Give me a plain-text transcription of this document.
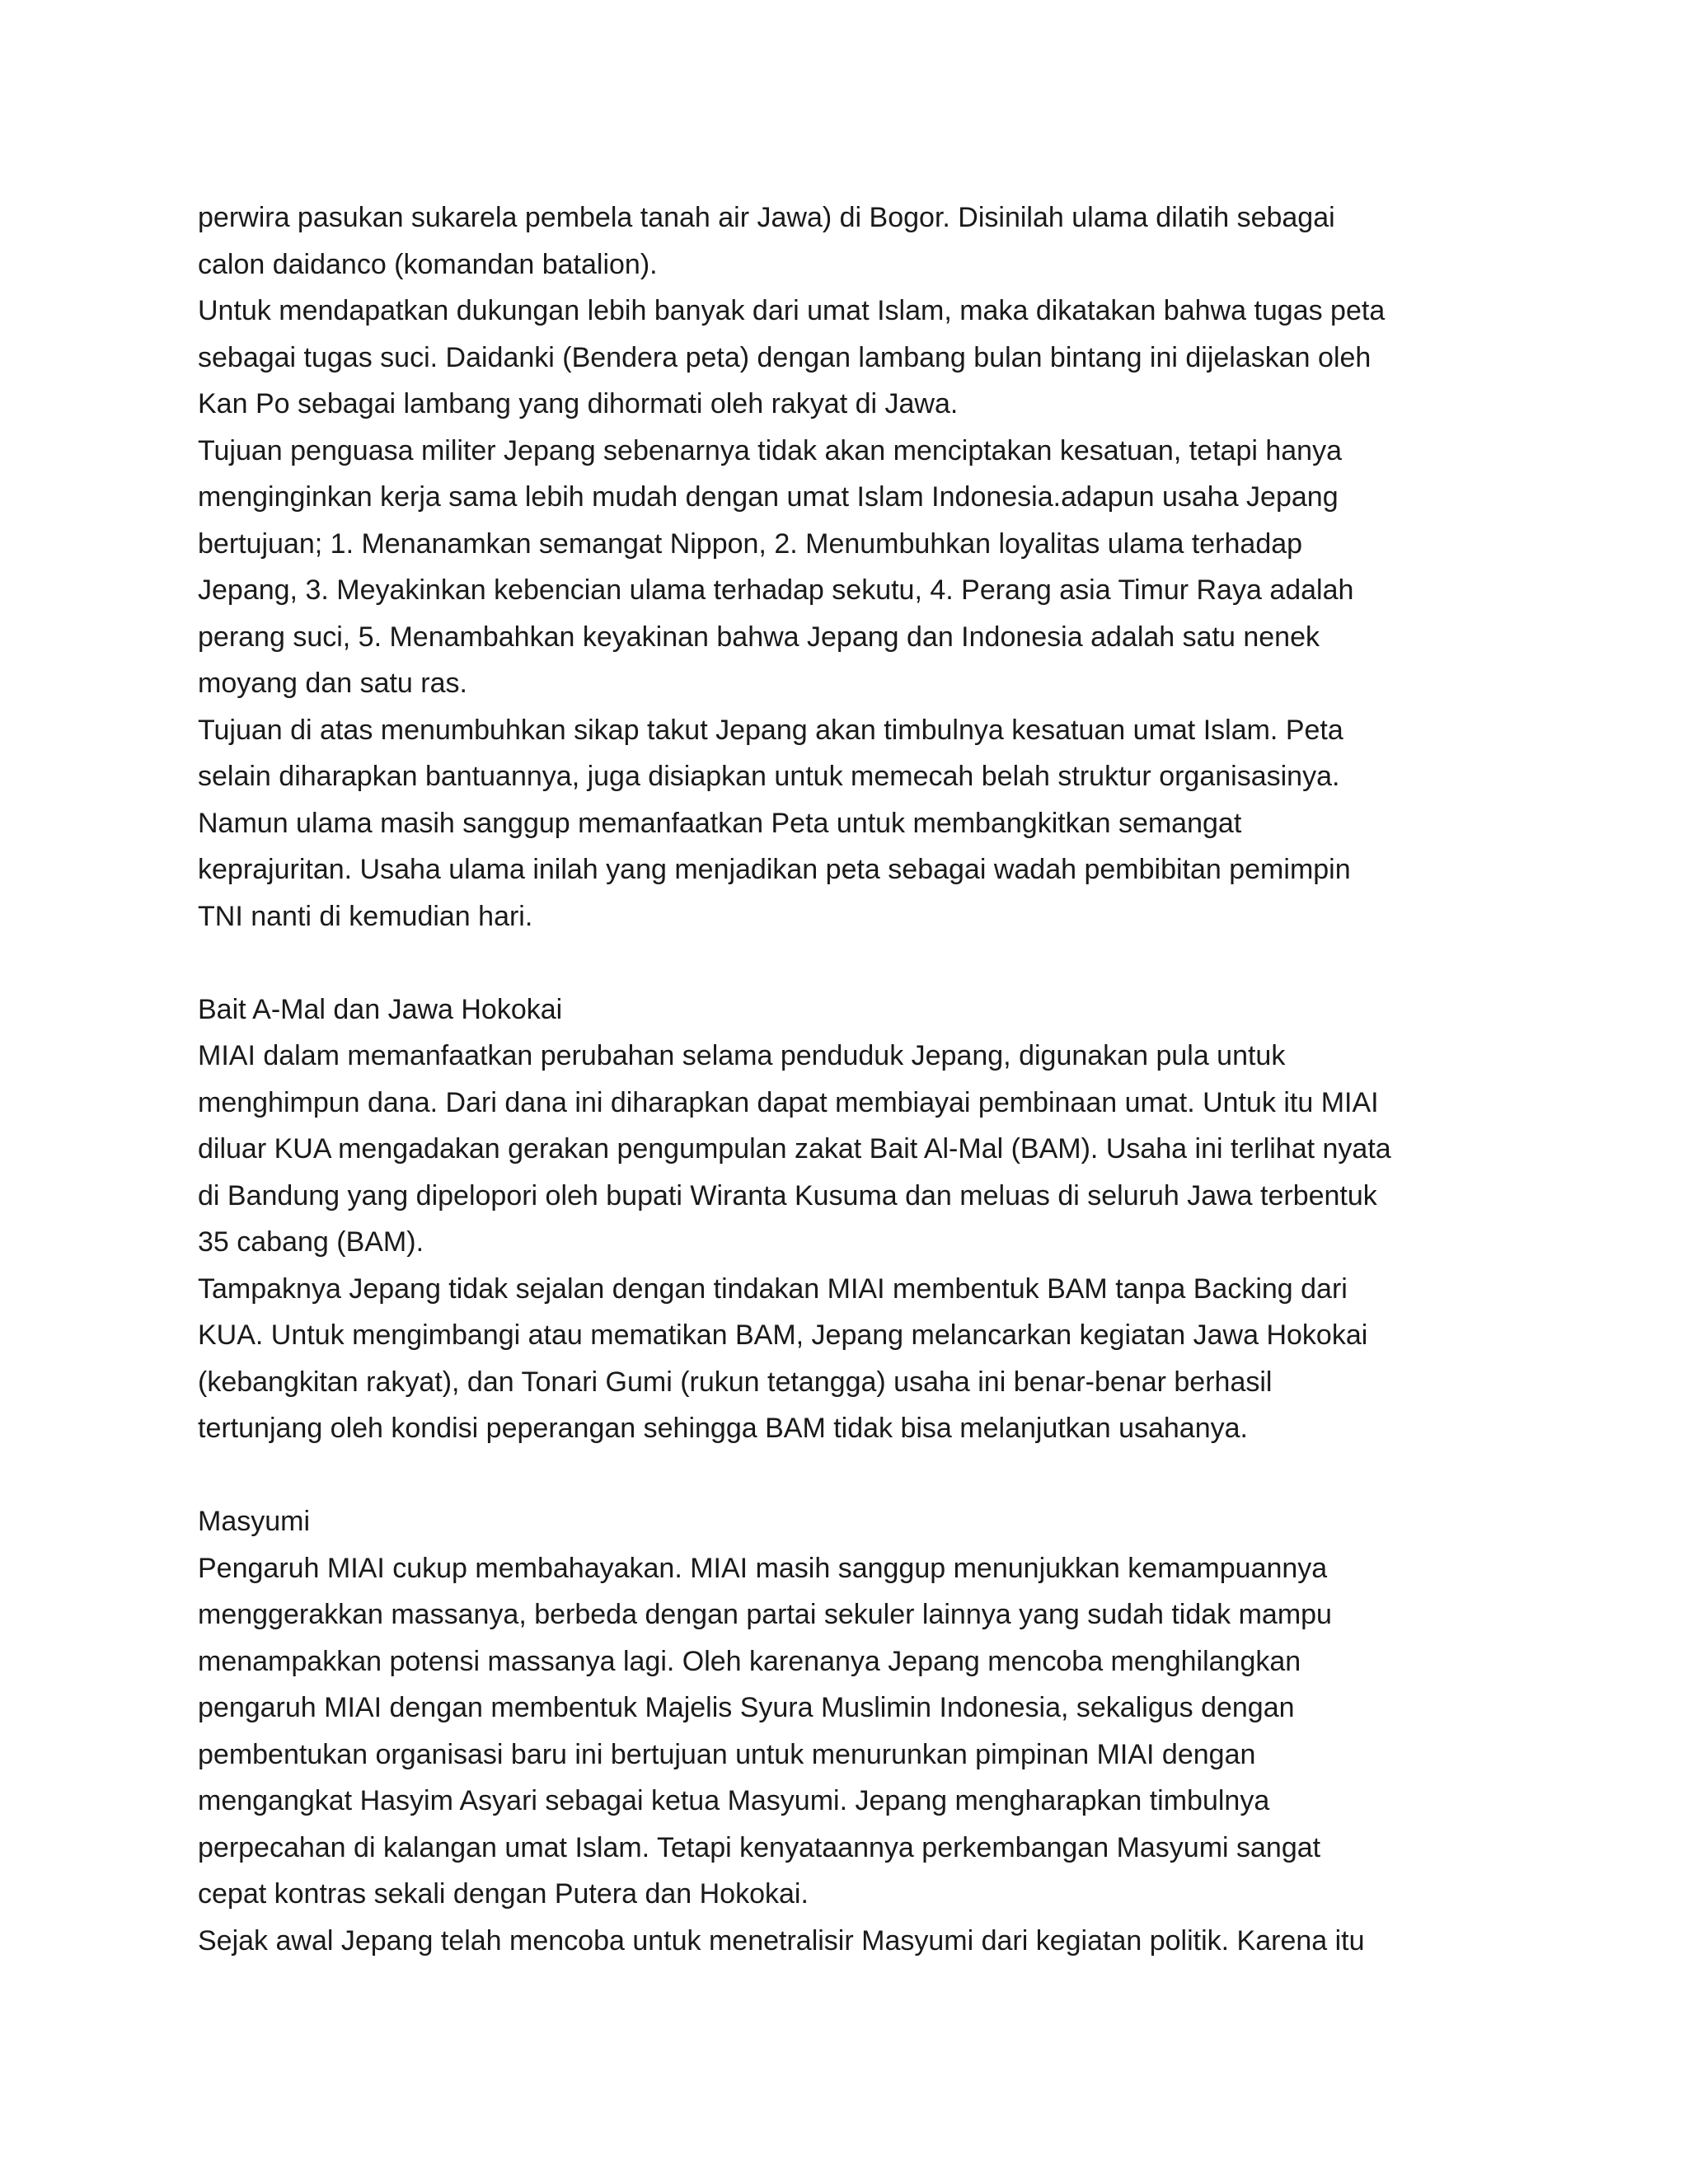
perwira pasukan sukarela pembela tanah air Jawa) di Bogor. Disinilah ulama dilatih sebagai
calon daidanco (komandan batalion).
Untuk mendapatkan dukungan lebih banyak dari umat Islam, maka dikatakan bahwa tugas peta
sebagai tugas suci. Daidanki (Bendera peta) dengan lambang bulan bintang ini dijelaskan oleh
Kan Po sebagai lambang yang dihormati oleh rakyat di Jawa.
Tujuan penguasa militer Jepang sebenarnya tidak akan menciptakan kesatuan, tetapi hanya
menginginkan kerja sama lebih mudah dengan umat Islam Indonesia.adapun usaha Jepang
bertujuan; 1. Menanamkan semangat Nippon, 2. Menumbuhkan loyalitas ulama terhadap
Jepang, 3. Meyakinkan kebencian ulama terhadap sekutu, 4. Perang asia Timur Raya adalah
perang suci, 5. Menambahkan keyakinan bahwa Jepang dan Indonesia adalah satu nenek
moyang dan satu ras.
Tujuan di atas menumbuhkan sikap takut Jepang akan timbulnya kesatuan umat Islam. Peta
selain diharapkan bantuannya, juga disiapkan untuk memecah belah struktur organisasinya.
Namun ulama masih sanggup memanfaatkan Peta untuk membangkitkan semangat
keprajuritan. Usaha ulama inilah yang menjadikan peta sebagai wadah pembibitan pemimpin
TNI nanti di kemudian hari.
Bait A-Mal dan Jawa Hokokai
MIAI dalam memanfaatkan perubahan selama penduduk Jepang, digunakan pula untuk
menghimpun dana. Dari dana ini diharapkan dapat membiayai pembinaan umat. Untuk itu MIAI
diluar KUA mengadakan gerakan pengumpulan zakat Bait Al-Mal (BAM). Usaha ini terlihat nyata
di Bandung yang dipelopori oleh bupati Wiranta Kusuma dan meluas di seluruh Jawa terbentuk
35 cabang (BAM).
Tampaknya Jepang tidak sejalan dengan tindakan MIAI membentuk BAM tanpa Backing dari
KUA. Untuk mengimbangi atau mematikan BAM, Jepang melancarkan kegiatan Jawa Hokokai
(kebangkitan rakyat), dan Tonari Gumi (rukun tetangga) usaha ini benar-benar berhasil
tertunjang oleh kondisi peperangan sehingga BAM tidak bisa melanjutkan usahanya.
Masyumi
Pengaruh MIAI cukup membahayakan. MIAI masih sanggup menunjukkan kemampuannya
menggerakkan massanya, berbeda dengan partai sekuler lainnya yang sudah tidak mampu
menampakkan potensi massanya lagi. Oleh karenanya Jepang mencoba menghilangkan
pengaruh MIAI dengan membentuk Majelis Syura Muslimin Indonesia, sekaligus dengan
pembentukan organisasi baru ini bertujuan untuk menurunkan pimpinan MIAI dengan
mengangkat Hasyim Asyari sebagai ketua Masyumi. Jepang mengharapkan timbulnya
perpecahan di kalangan umat Islam. Tetapi kenyataannya perkembangan Masyumi sangat
cepat kontras sekali dengan Putera dan Hokokai.
Sejak awal Jepang telah mencoba untuk menetralisir Masyumi dari kegiatan politik. Karena itu
